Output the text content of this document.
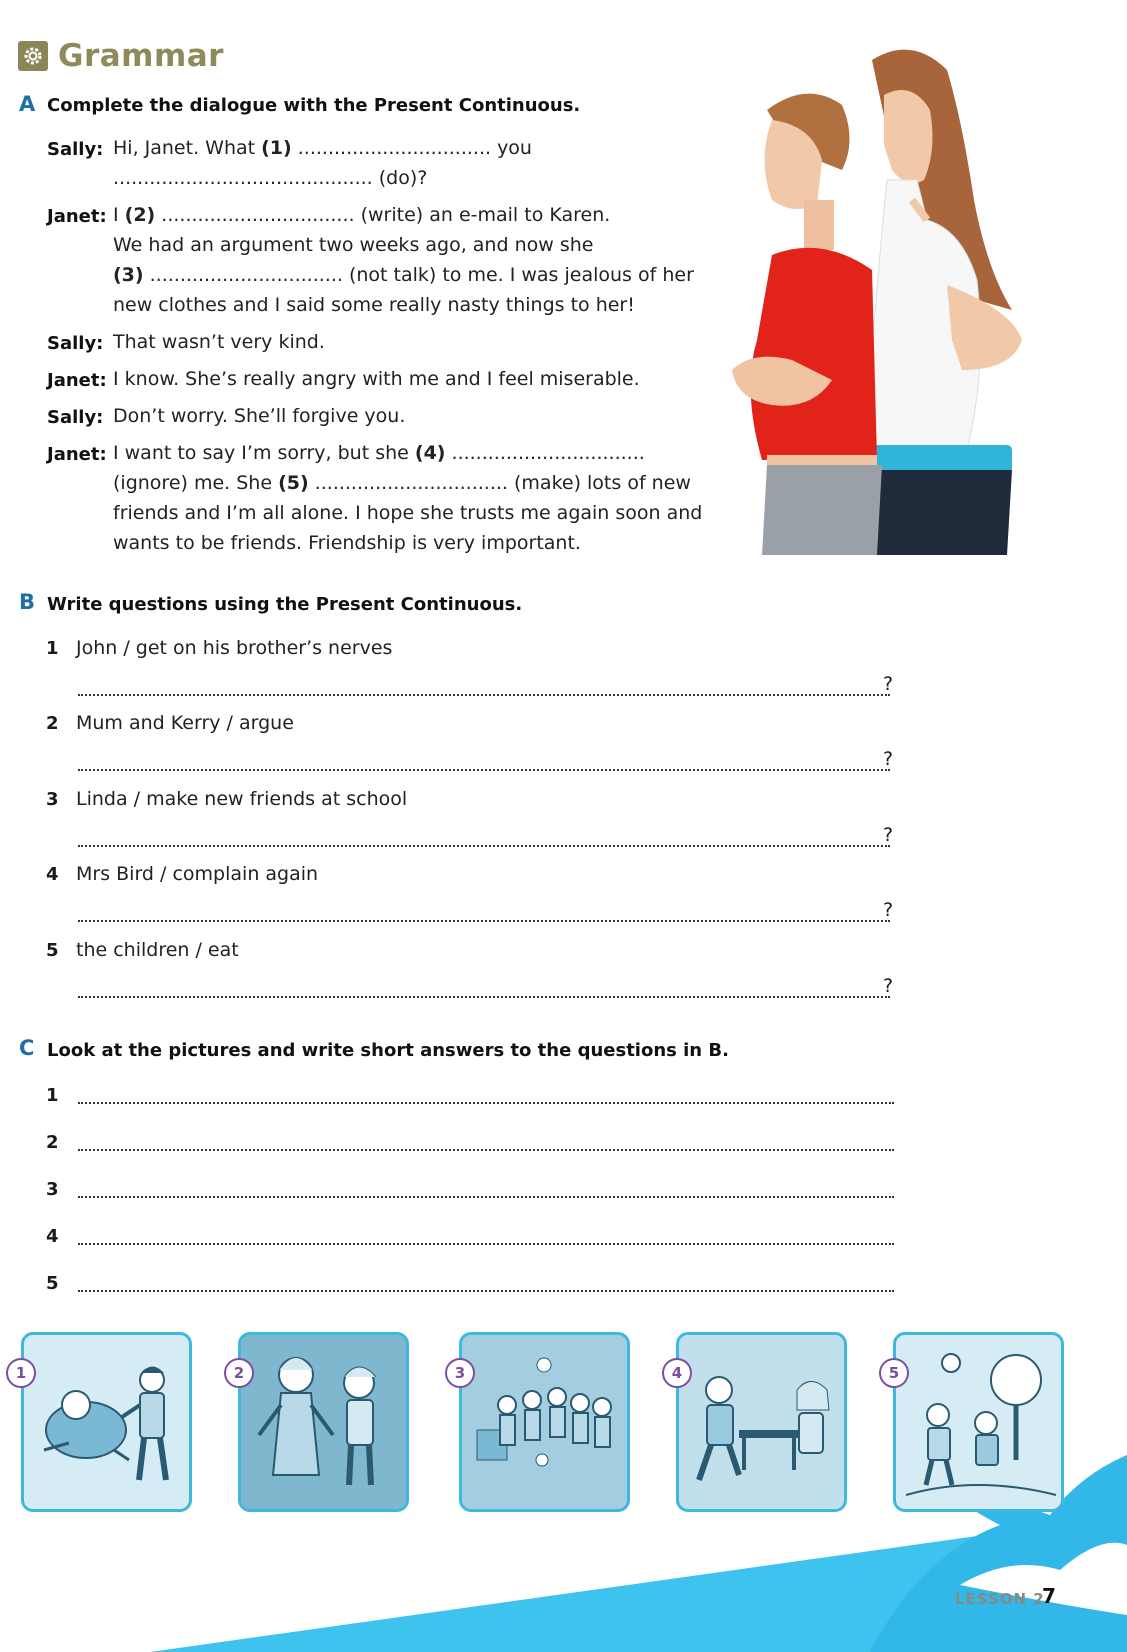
Grammar
A Complete the dialogue with the Present Continuous.
Sally: Hi, Janet. What (1) ................................ you
........................................... (do)?
Janet: I (2) ................................ (write) an e-mail to Karen.
We had an argument two weeks ago, and now she
(3) ................................ (not talk) to me. I was jealous of her
new clothes and I said some really nasty things to her!
Sally: That wasn’t very kind.
Janet: I know. She’s really angry with me and I feel miserable.
Sally: Don’t worry. She’ll forgive you.
Janet: I want to say I’m sorry, but she (4) ................................
(ignore) me. She (5) ................................ (make) lots of new
friends and I’m all alone. I hope she trusts me again soon and
wants to be friends. Friendship is very important.
B Write questions using the Present Continuous.
1 John / get on his brother’s nerves
?
2 Mum and Kerry / argue
?
3 Linda / make new friends at school
?
4 Mrs Bird / complain again
?
5 the children / eat
?
C Look at the pictures and write short answers to the questions in B.
1
2
3
4
5
1	2	3	4	5
LESSON 2
7
